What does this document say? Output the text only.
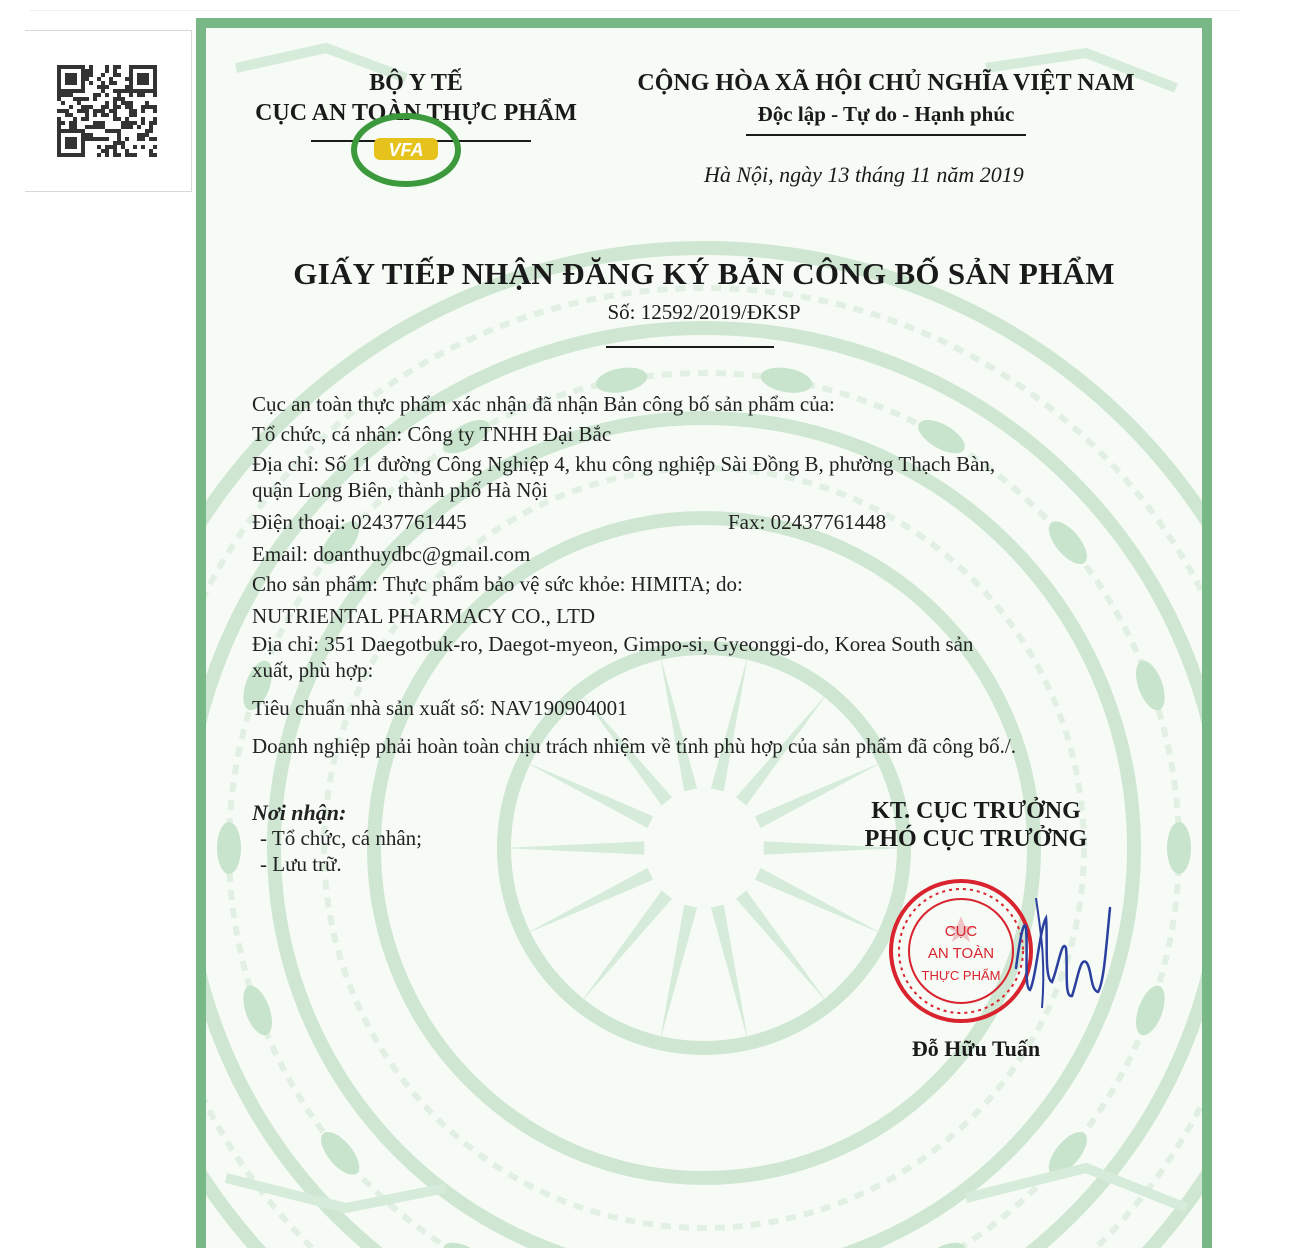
BỘ Y TẾ
CỤC AN TOÀN THỰC PHẨM
VFA
CỘNG HÒA XÃ HỘI CHỦ NGHĨA VIỆT NAM
Độc lập - Tự do - Hạnh phúc
Hà Nội, ngày 13 tháng 11 năm 2019
GIẤY TIẾP NHẬN ĐĂNG KÝ BẢN CÔNG BỐ SẢN PHẨM
Số: 12592/2019/ĐKSP
Cục an toàn thực phẩm xác nhận đã nhận Bản công bố sản phẩm của:
Tổ chức, cá nhân: Công ty TNHH Đại Bắc
Địa chỉ: Số 11 đường Công Nghiệp 4, khu công nghiệp Sài Đồng B, phường Thạch Bàn,
quận Long Biên, thành phố Hà Nội
Điện thoại: 02437761445	Fax: 02437761448
Email: doanthuydbc@gmail.com
Cho sản phẩm: Thực phẩm bảo vệ sức khỏe: HIMITA; do:
NUTRIENTAL PHARMACY CO., LTD
Địa chỉ: 351 Daegotbuk-ro, Daegot-myeon, Gimpo-si, Gyeonggi-do, Korea South sản
xuất, phù hợp:
Tiêu chuẩn nhà sản xuất số: NAV190904001
Doanh nghiệp phải hoàn toàn chịu trách nhiệm về tính phù hợp của sản phẩm đã công bố./.
Nơi nhận:
- Tổ chức, cá nhân;
- Lưu trữ.
KT. CỤC TRƯỞNG
PHÓ CỤC TRƯỞNG
CỤC
AN TOÀN
THỰC PHẨM
Đỗ Hữu Tuấn
